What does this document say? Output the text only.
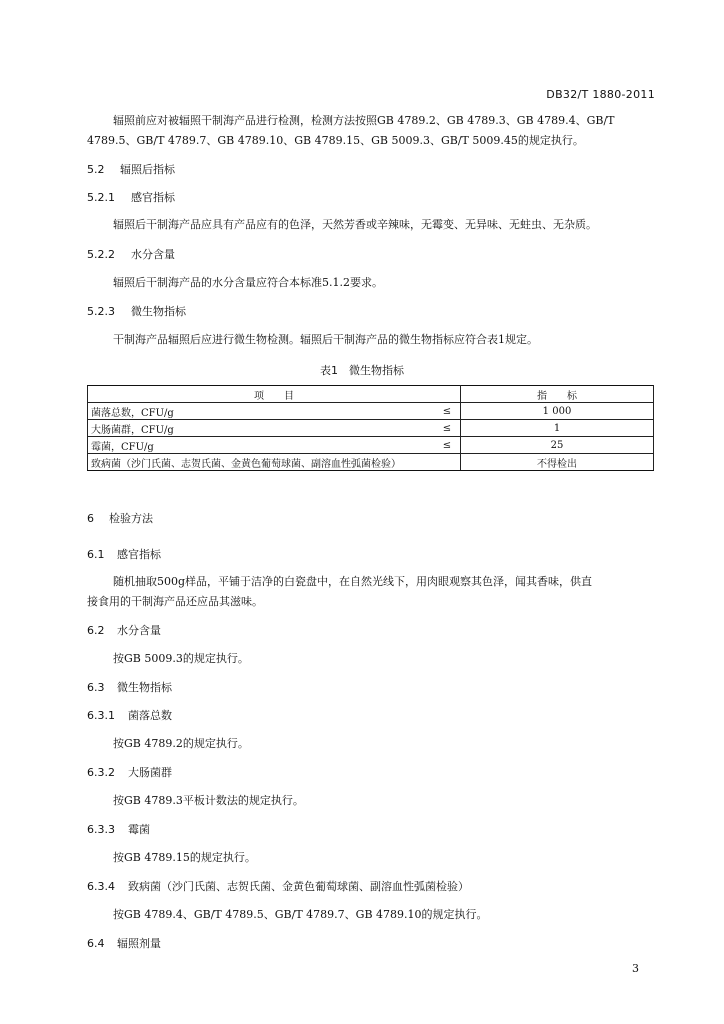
DB32/T 1880-2011
辐照前应对被辐照干制海产品进行检测，检测方法按照GB 4789.2、GB 4789.3、GB 4789.4、GB/T
4789.5、GB/T 4789.7、GB 4789.10、GB 4789.15、GB 5009.3、GB/T 5009.45的规定执行。
5.2 辐照后指标
5.2.1 感官指标
辐照后干制海产品应具有产品应有的色泽，天然芳香或辛辣味，无霉变、无异味、无蛀虫、无杂质。
5.2.2 水分含量
辐照后干制海产品的水分含量应符合本标准5.1.2要求。
5.2.3 微生物指标
干制海产品辐照后应进行微生物检测。辐照后干制海产品的微生物指标应符合表1规定。
表1　微生物指标
项　　目		指　　标
菌落总数，CFU/g	≤	1 000
大肠菌群，CFU/g	≤	1
霉菌，CFU/g	≤	25
致病菌（沙门氏菌、志贺氏菌、金黄色葡萄球菌、副溶血性弧菌检验）		不得检出
6 检验方法
6.1 感官指标
随机抽取500g样品，平铺于洁净的白瓷盘中，在自然光线下，用肉眼观察其色泽，闻其香味，供直
接食用的干制海产品还应品其滋味。
6.2 水分含量
按GB 5009.3的规定执行。
6.3 微生物指标
6.3.1 菌落总数
按GB 4789.2的规定执行。
6.3.2 大肠菌群
按GB 4789.3平板计数法的规定执行。
6.3.3 霉菌
按GB 4789.15的规定执行。
6.3.4 致病菌（沙门氏菌、志贺氏菌、金黄色葡萄球菌、副溶血性弧菌检验）
按GB 4789.4、GB/T 4789.5、GB/T 4789.7、GB 4789.10的规定执行。
6.4 辐照剂量
3
